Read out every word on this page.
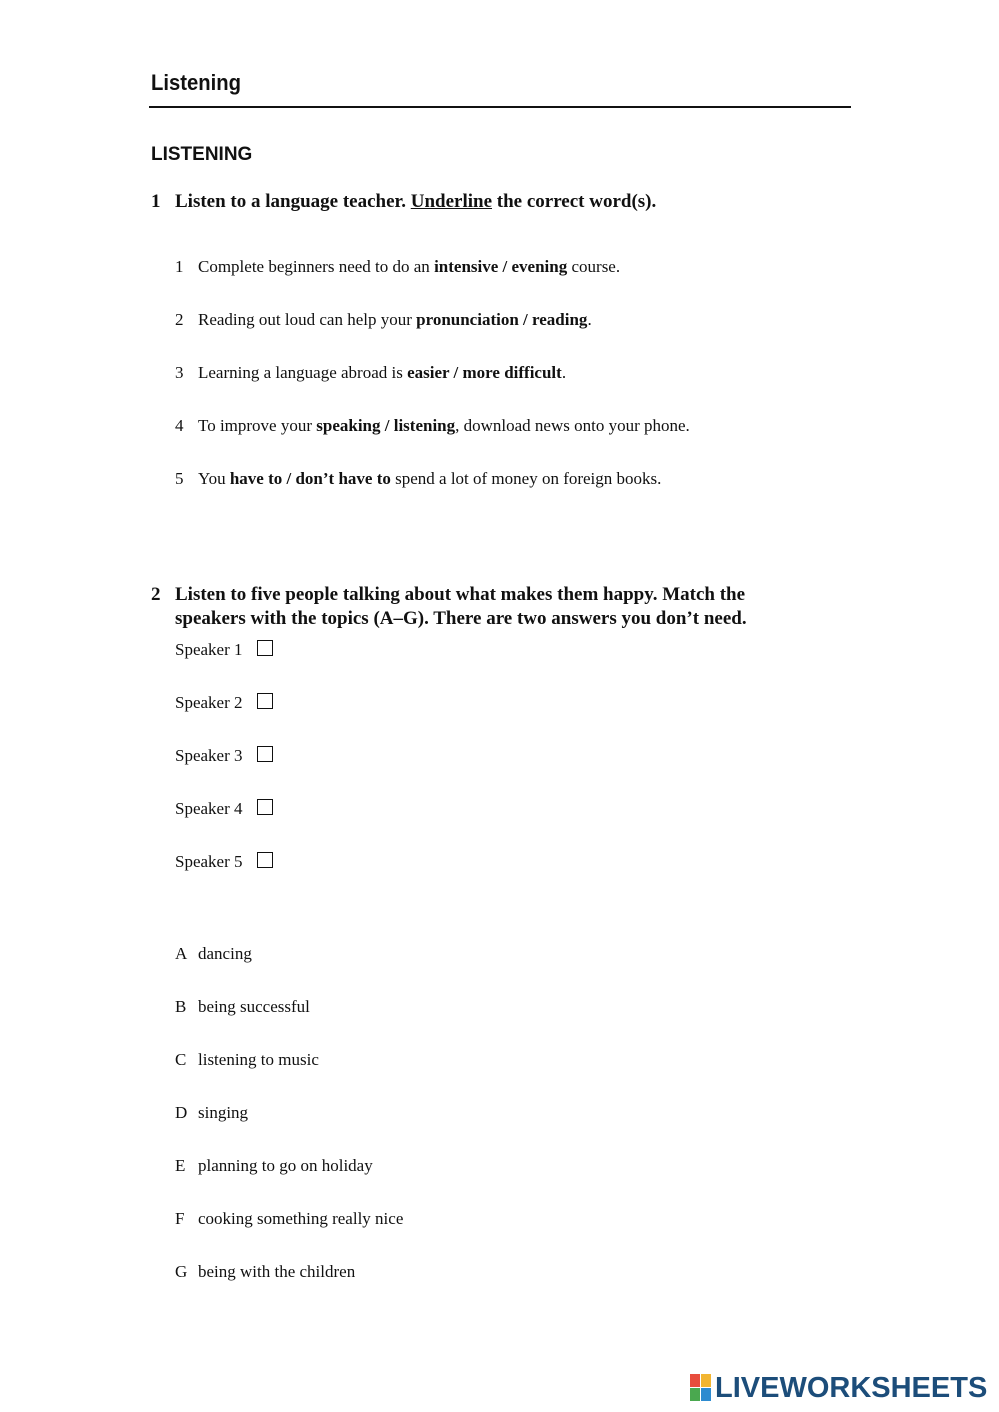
Listening
LISTENING
1 Listen to a language teacher. Underline the correct word(s).
1 Complete beginners need to do an intensive / evening course.
2 Reading out loud can help your pronunciation / reading.
3 Learning a language abroad is easier / more difficult.
4 To improve your speaking / listening, download news onto your phone.
5 You have to / don’t have to spend a lot of money on foreign books.
2 Listen to five people talking about what makes them happy. Match the
speakers with the topics (A–G). There are two answers you don’t need.
Speaker 1
Speaker 2
Speaker 3
Speaker 4
Speaker 5
A dancing
B being successful
C listening to music
D singing
E planning to go on holiday
F cooking something really nice
G being with the children
LIVEWORKSHEETS
